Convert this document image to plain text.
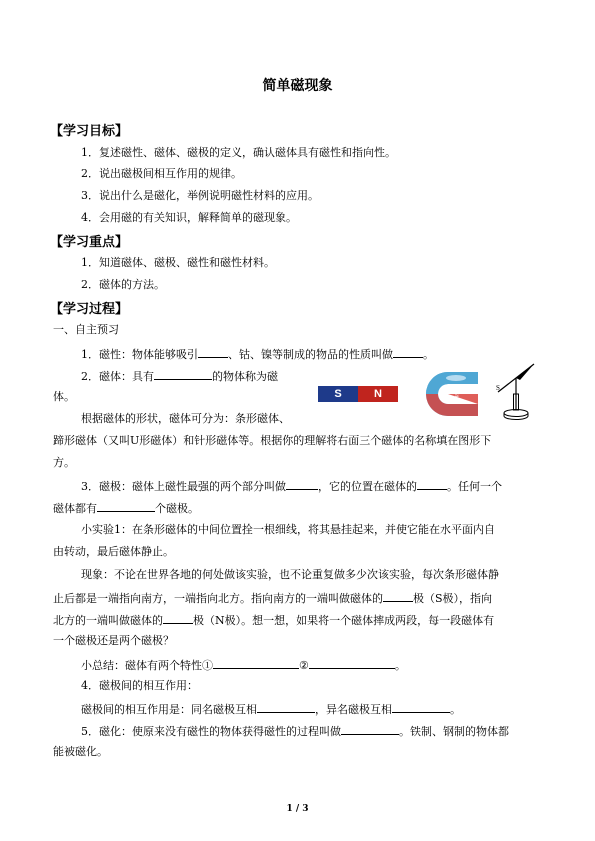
简单磁现象
【学习目标】
1．复述磁性、磁体、磁极的定义，确认磁体具有磁性和指向性。
2．说出磁极间相互作用的规律。
3．说出什么是磁化，举例说明磁性材料的应用。
4．会用磁的有关知识，解释简单的磁现象。
【学习重点】
1．知道磁体、磁极、磁性和磁性材料。
2．磁体的方法。
【学习过程】
一、自主预习
1．磁性：物体能够吸引	、钴、镍等制成的物品的性质叫做	。
2．磁体：具有	的物体称为磁
体。	S	N	≈
S
根据磁体的形状，磁体可分为：条形磁体、
蹄形磁体（又叫U形磁体）和针形磁体等。根据你的理解将右面三个磁体的名称填在图形下
方。
3．磁极：磁体上磁性最强的两个部分叫做	，它的位置在磁体的	。任何一个
磁体都有	个磁极。
小实验1：在条形磁体的中间位置拴一根细线，将其悬挂起来，并使它能在水平面内自
由转动，最后磁体静止。
现象：不论在世界各地的何处做该实验，也不论重复做多少次该实验，每次条形磁体静
止后都是一端指向南方，一端指向北方。指向南方的一端叫做磁体的	极（S极），指向
北方的一端叫做磁体的	极（N极）。想一想，如果将一个磁体摔成两段，每一段磁体有
一个磁极还是两个磁极？
小总结：磁体有两个特性①	②	。
4．磁极间的相互作用：
磁极间的相互作用是：同名磁极互相	，异名磁极互相	。
5．磁化：使原来没有磁性的物体获得磁性的过程叫做	。铁制、钢制的物体都
能被磁化。
1 / 3
